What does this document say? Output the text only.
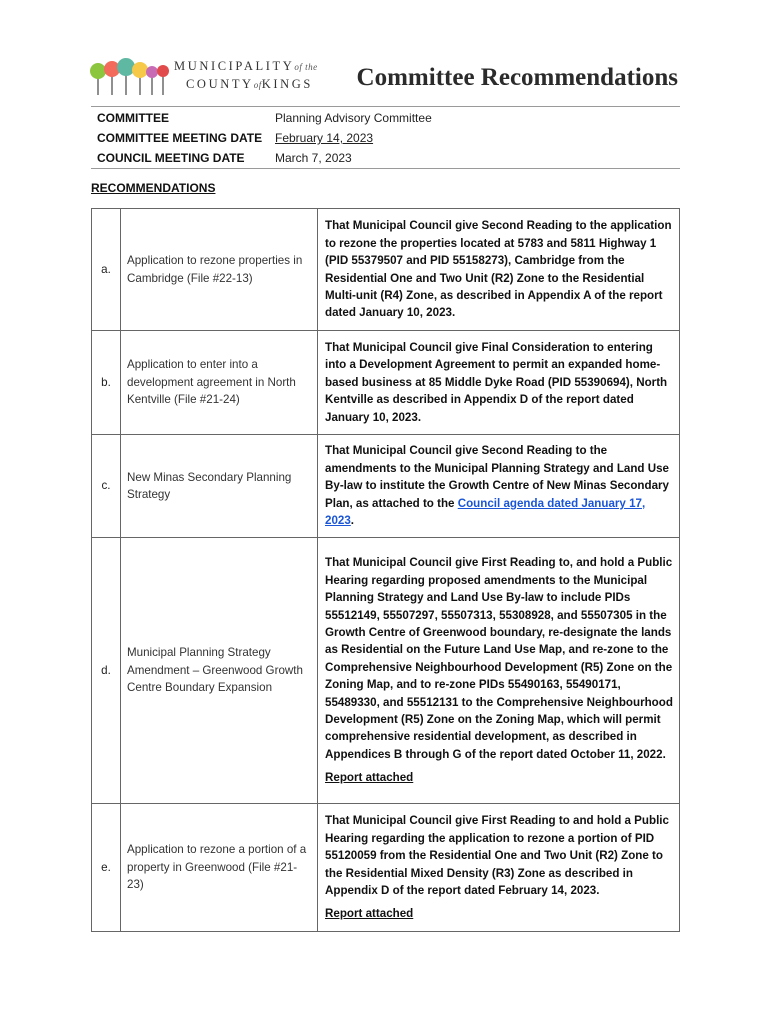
MUNICIPALITYof the
COUNTYofKINGS Committee Recommendations
COMMITTEE	Planning Advisory Committee
COMMITTEE MEETING DATE	February 14, 2023
COUNCIL MEETING DATE	March 7, 2023
RECOMMENDATIONS
a.	Application to rezone properties in Cambridge (File #22-13)	That Municipal Council give Second Reading to the application to rezone the properties located at 5783 and 5811 Highway 1 (PID 55379507 and PID 55158273), Cambridge from the Residential One and Two Unit (R2) Zone to the Residential Multi-unit (R4) Zone, as described in Appendix A of the report dated January 10, 2023.
b.	Application to enter into a development agreement in North Kentville (File #21-24)	That Municipal Council give Final Consideration to entering into a Development Agreement to permit an expanded home-based business at 85 Middle Dyke Road (PID 55390694), North Kentville as described in Appendix D of the report dated January 10, 2023.
c.	New Minas Secondary Planning Strategy	That Municipal Council give Second Reading to the amendments to the Municipal Planning Strategy and Land Use By-law to institute the Growth Centre of New Minas Secondary Plan, as attached to the Council agenda dated January 17, 2023.
d.	Municipal Planning Strategy Amendment – Greenwood Growth Centre Boundary Expansion	That Municipal Council give First Reading to, and hold a Public Hearing regarding proposed amendments to the Municipal Planning Strategy and Land Use By-law to include PIDs 55512149, 55507297, 55507313, 55308928, and 55507305 in the Growth Centre of Greenwood boundary, re-designate the lands as Residential on the Future Land Use Map, and re-zone to the Comprehensive Neighbourhood Development (R5) Zone on the Zoning Map, and to re-zone PIDs 55490163, 55490171, 55489330, and 55512131 to the Comprehensive Neighbourhood Development (R5) Zone on the Zoning Map, which will permit comprehensive residential development, as described in Appendices B through G of the report dated October 11, 2022.
Report attached

e.	Application to rezone a portion of a property in Greenwood (File #21-23)	That Municipal Council give First Reading to and hold a Public Hearing regarding the application to rezone a portion of PID 55120059 from the Residential One and Two Unit (R2) Zone to the Residential Mixed Density (R3) Zone as described in Appendix D of the report dated February 14, 2023.
Report attached
